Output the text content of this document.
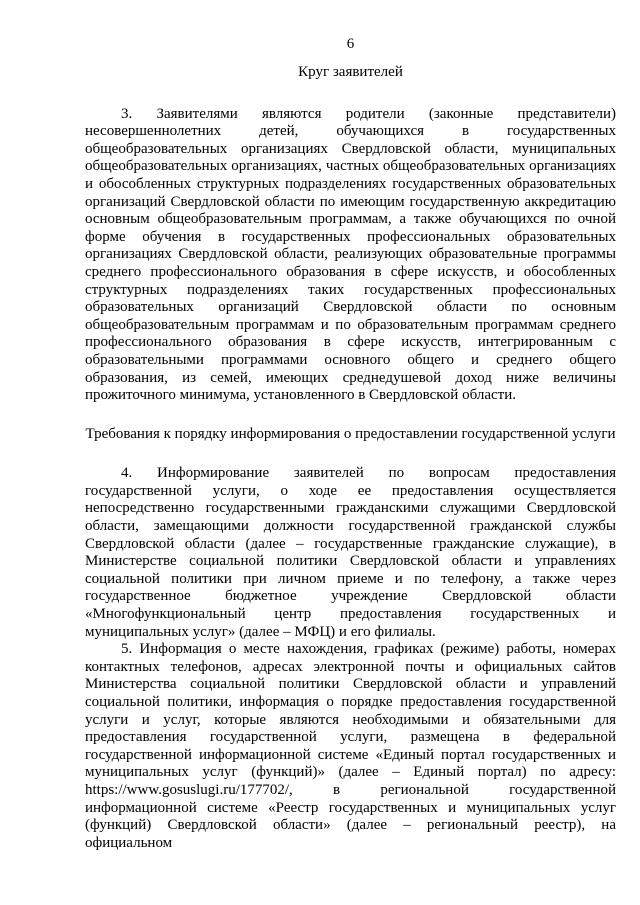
6
Круг заявителей

3. Заявителями являются родители (законные представители) несовершеннолетних детей, обучающихся в государственных общеобразовательных организациях Свердловской области, муниципальных общеобразовательных организациях, частных общеобразовательных организациях и обособленных структурных подразделениях государственных образовательных организаций Свердловской области по имеющим государственную аккредитацию основным общеобразовательным программам, а также обучающихся по очной форме обучения в государственных профессиональных образовательных организациях Свердловской области, реализующих образовательные программы среднего профессионального образования в сфере искусств, и обособленных структурных подразделениях таких государственных профессиональных образовательных организаций Свердловской области по основным общеобразовательным программам и по образовательным программам среднего профессионального образования в сфере искусств, интегрированным с образовательными программами основного общего и среднего общего образования, из семей, имеющих среднедушевой доход ниже величины прожиточного минимума, установленного в Свердловской области.

Требования к порядку информирования о предоставлении государственной услуги

4. Информирование заявителей по вопросам предоставления государственной услуги, о ходе ее предоставления осуществляется непосредственно государственными гражданскими служащими Свердловской области, замещающими должности государственной гражданской службы Свердловской области (далее – государственные гражданские служащие), в Министерстве социальной политики Свердловской области и управлениях социальной политики при личном приеме и по телефону, а также через государственное бюджетное учреждение Свердловской области «Многофункциональный центр предоставления государственных и муниципальных услуг» (далее – МФЦ) и его филиалы.

5. Информация о месте нахождения, графиках (режиме) работы, номерах контактных телефонов, адресах электронной почты и официальных сайтов Министерства социальной политики Свердловской области и управлений социальной политики, информация о порядке предоставления государственной услуги и услуг, которые являются необходимыми и обязательными для предоставления государственной услуги, размещена в федеральной государственной информационной системе «Единый портал государственных и муниципальных услуг (функций)» (далее – Единый портал) по адресу: https://www.gosuslugi.ru/177702/, в региональной государственной информационной системе «Реестр государственных и муниципальных услуг (функций) Свердловской области» (далее – региональный реестр), на официальном
